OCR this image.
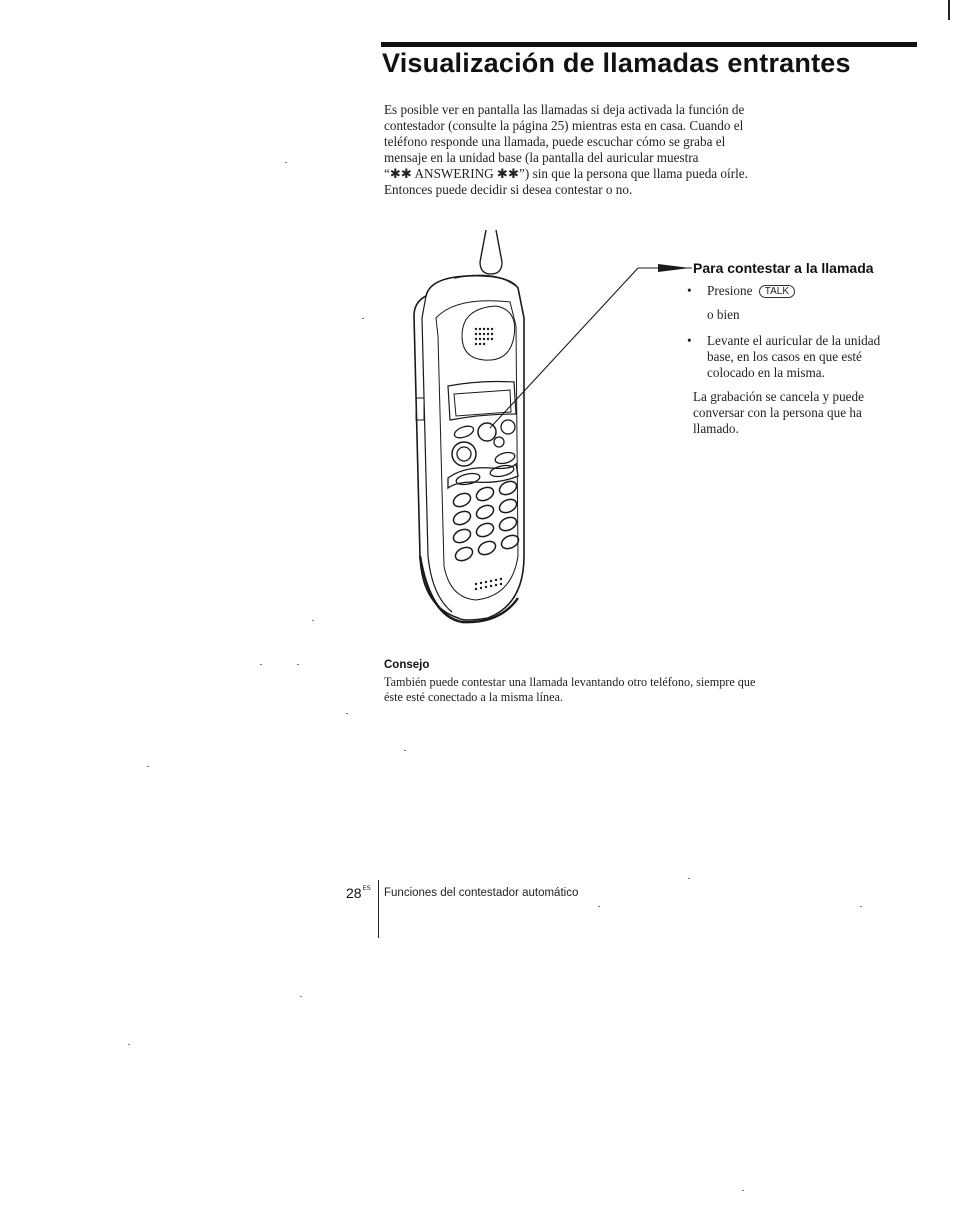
Visualización de llamadas entrantes
Es posible ver en pantalla las llamadas si deja activada la función de
contestador (consulte la página 25) mientras esta en casa. Cuando el
teléfono responde una llamada, puede escuchar cómo se graba el
mensaje en la unidad base (la pantalla del auricular muestra
“✱✱ ANSWERING ✱✱”) sin que la persona que llama pueda oírle.
Entonces puede decidir si desea contestar o no.
Para contestar a la llamada
• Presione TALK
o bien
• Levante el auricular de la unidad
base, en los casos en que esté
colocado en la misma.
La grabación se cancela y puede
conversar con la persona que ha
llamado.
Consejo
También puede contestar una llamada levantando otro teléfono, siempre que
éste esté conectado a la misma línea.
$28^{ES}$ Funciones del contestador automático
